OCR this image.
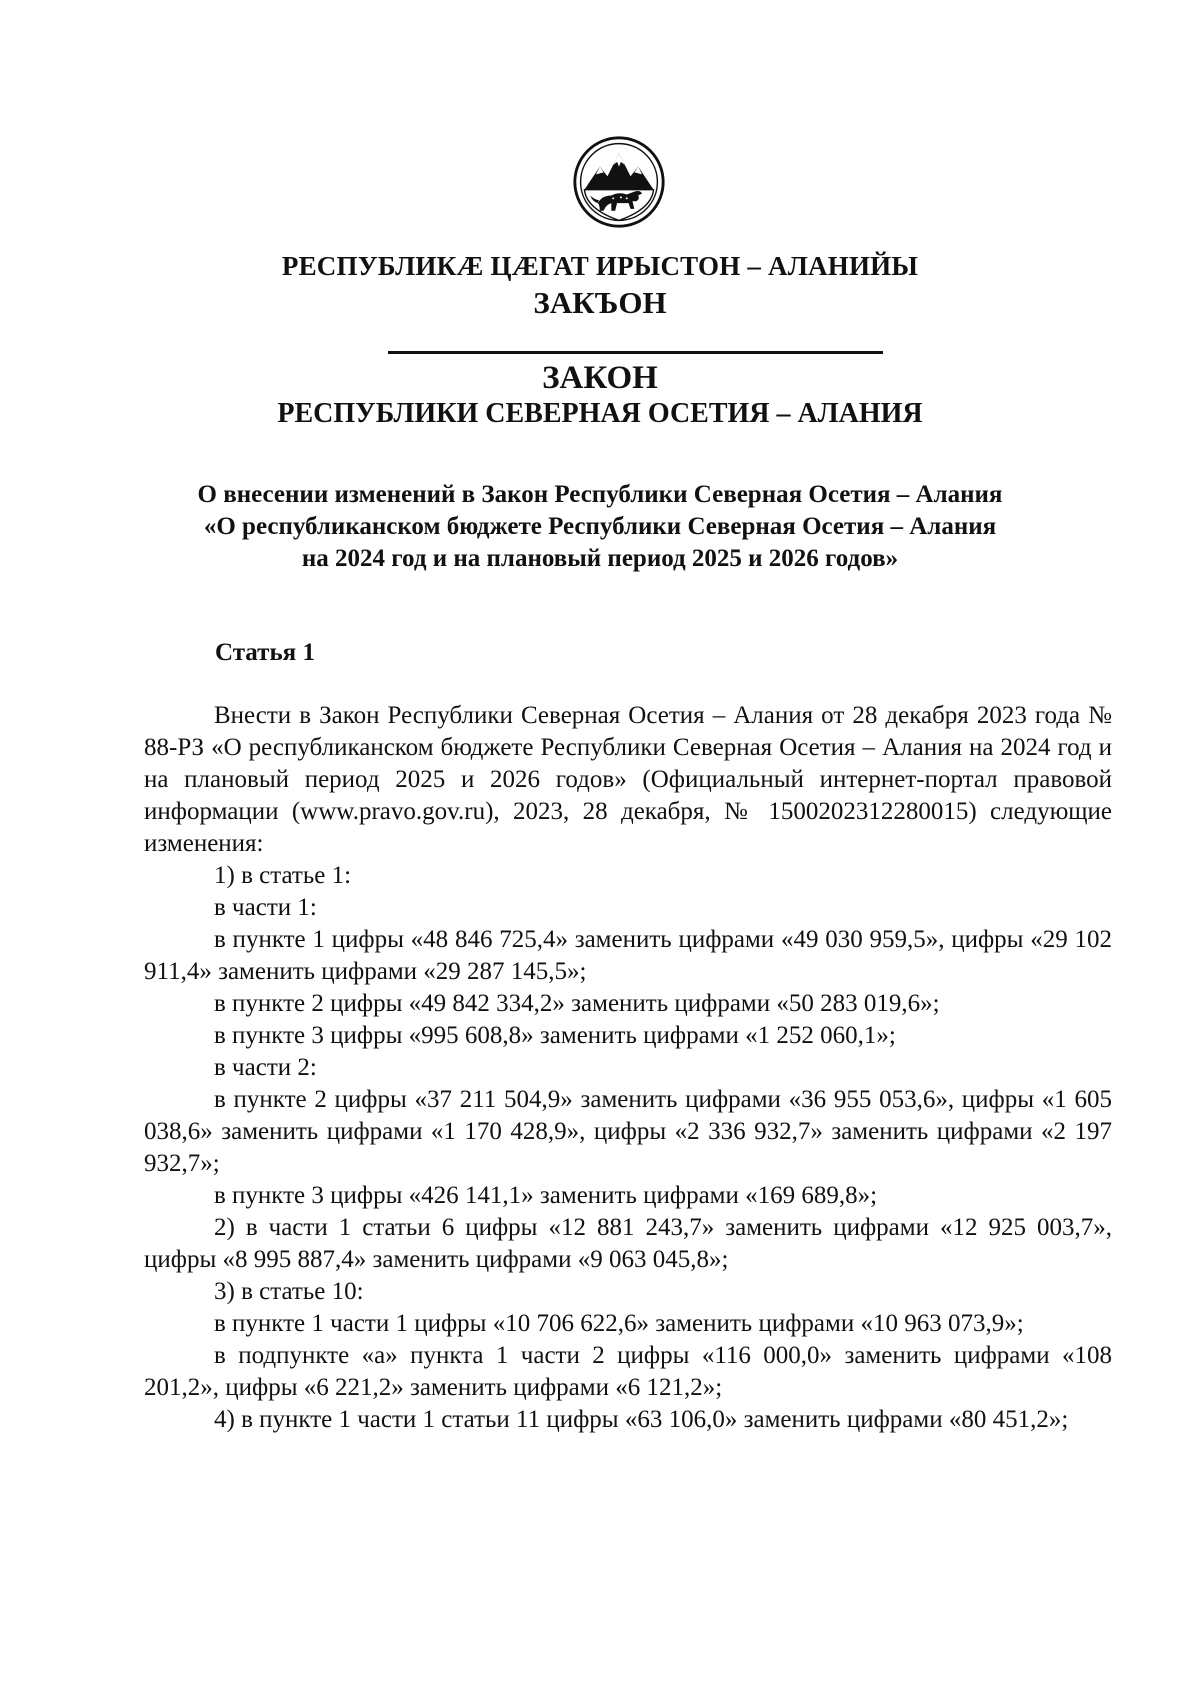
РЕСПУБЛИКÆ ЦÆГАТ ИРЫСТОН – АЛАНИЙЫ
ЗАКЪОН
ЗАКОН
РЕСПУБЛИКИ СЕВЕРНАЯ ОСЕТИЯ – АЛАНИЯ
О внесении изменений в Закон Республики Северная Осетия – Алания
«О республиканском бюджете Республики Северная Осетия – Алания
на 2024 год и на плановый период 2025 и 2026 годов»
Статья 1

Внести в Закон Республики Северная Осетия – Алания от 28 декабря 2023 года № 88-РЗ «О республиканском бюджете Республики Северная Осетия – Алания на 2024 год и на плановый период 2025 и 2026 годов» (Официальный интернет-портал правовой информации (www.pravo.gov.ru), 2023, 28 декабря, № 1500202312280015) следующие изменения:

1) в статье 1:

в части 1:

в пункте 1 цифры «48 846 725,4» заменить цифрами «49 030 959,5», цифры «29 102 911,4» заменить цифрами «29 287 145,5»;

в пункте 2 цифры «49 842 334,2» заменить цифрами «50 283 019,6»;

в пункте 3 цифры «995 608,8» заменить цифрами «1 252 060,1»;

в части 2:

в пункте 2 цифры «37 211 504,9» заменить цифрами «36 955 053,6», цифры «1 605 038,6» заменить цифрами «1 170 428,9», цифры «2 336 932,7» заменить цифрами «2 197 932,7»;

в пункте 3 цифры «426 141,1» заменить цифрами «169 689,8»;

2) в части 1 статьи 6 цифры «12 881 243,7» заменить цифрами «12 925 003,7», цифры «8 995 887,4» заменить цифрами «9 063 045,8»;

3) в статье 10:

в пункте 1 части 1 цифры «10 706 622,6» заменить цифрами «10 963 073,9»;

в подпункте «а» пункта 1 части 2 цифры «116 000,0» заменить цифрами «108 201,2», цифры «6 221,2» заменить цифрами «6 121,2»;

4) в пункте 1 части 1 статьи 11 цифры «63 106,0» заменить цифрами «80 451,2»;
